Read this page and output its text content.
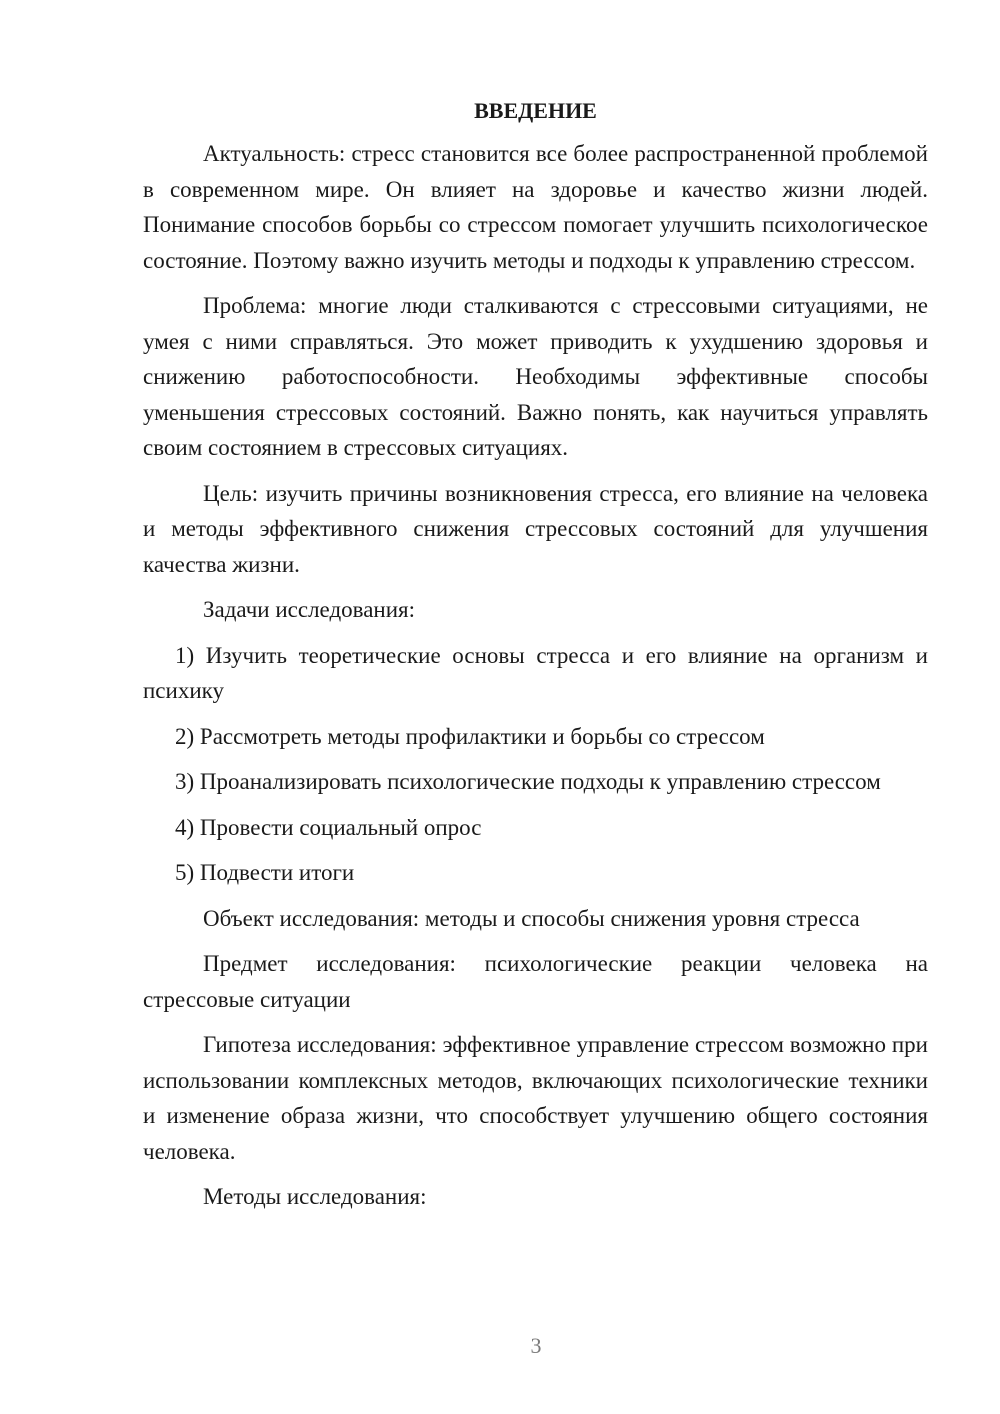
ВВЕДЕНИЕ
Актуальность: стресс становится все более распространенной проблемой в современном мире. Он влияет на здоровье и качество жизни людей. Понимание способов борьбы со стрессом помогает улучшить психологическое состояние. Поэтому важно изучить методы и подходы к управлению стрессом.
Проблема: многие люди сталкиваются с стрессовыми ситуациями, не умея с ними справляться. Это может приводить к ухудшению здоровья и снижению работоспособности. Необходимы эффективные способы уменьшения стрессовых состояний. Важно понять, как научиться управлять своим состоянием в стрессовых ситуациях.
Цель: изучить причины возникновения стресса, его влияние на человека и методы эффективного снижения стрессовых состояний для улучшения качества жизни.
Задачи исследования:
1) Изучить теоретические основы стресса и его влияние на организм и психику
2) Рассмотреть методы профилактики и борьбы со стрессом
3) Проанализировать психологические подходы к управлению стрессом
4) Провести социальный опрос
5) Подвести итоги
Объект исследования: методы и способы снижения уровня стресса
Предмет исследования: психологические реакции человека на стрессовые ситуации
Гипотеза исследования: эффективное управление стрессом возможно при использовании комплексных методов, включающих психологические техники и изменение образа жизни, что способствует улучшению общего состояния человека.
Методы исследования:
3
